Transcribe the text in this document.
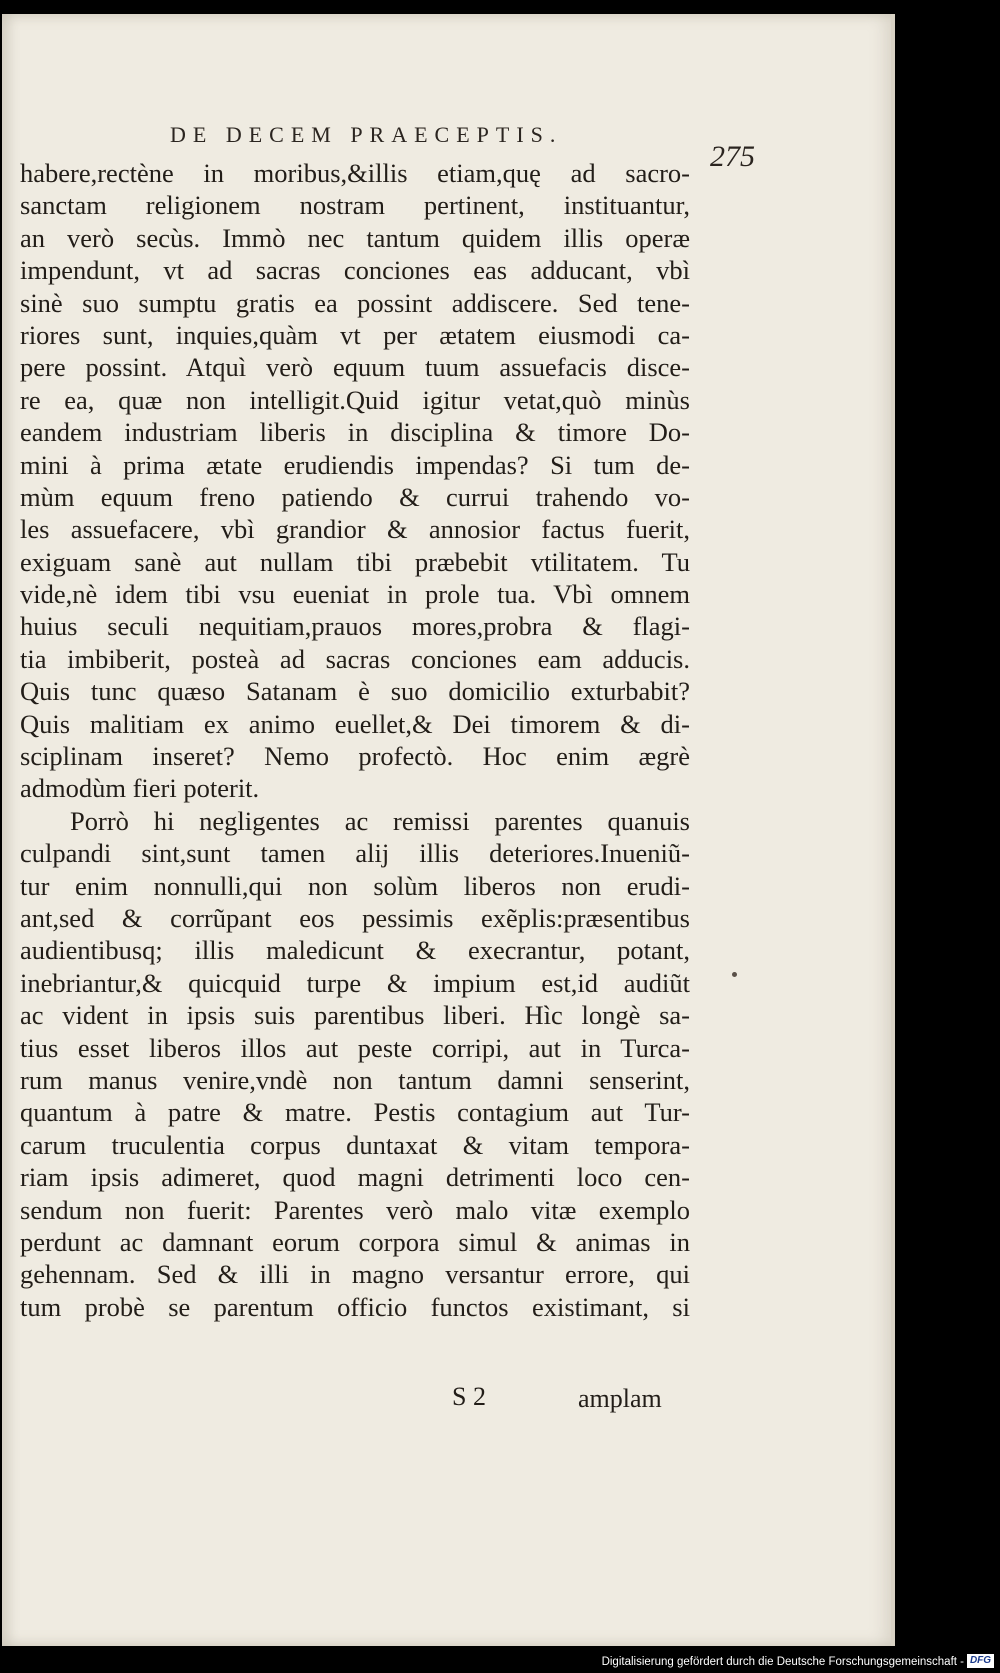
DE DECEM PRAECEPTIS.
275
habere,rectène in moribus,&illis etiam,quę ad sacro-
sanctam religionem nostram pertinent, instituantur,
an verò secùs. Immò nec tantum quidem illis operæ
impendunt, vt ad sacras conciones eas adducant, vbì
sinè suo sumptu gratis ea possint addiscere. Sed tene-
riores sunt, inquies,quàm vt per ætatem eiusmodi ca-
pere possint. Atquì verò equum tuum assuefacis disce-
re ea, quæ non intelligit.Quid igitur vetat,quò minùs
eandem industriam liberis in disciplina & timore Do-
mini à prima ætate erudiendis impendas? Si tum de-
mùm equum freno patiendo & currui trahendo vo-
les assuefacere, vbì grandior & annosior factus fuerit,
exiguam sanè aut nullam tibi præbebit vtilitatem. Tu
vide,nè idem tibi vsu eueniat in prole tua. Vbì omnem
huius seculi nequitiam,prauos mores,probra & flagi-
tia imbiberit, posteà ad sacras conciones eam adducis.
Quis tunc quæso Satanam è suo domicilio exturbabit?
Quis malitiam ex animo euellet,& Dei timorem & di-
sciplinam inseret? Nemo profectò. Hoc enim ægrè
admodùm fieri poterit.
Porrò hi negligentes ac remissi parentes quanuis
culpandi sint,sunt tamen alij illis deteriores.Inueniũ-
tur enim nonnulli,qui non solùm liberos non erudi-
ant,sed & corrũpant eos pessimis exẽplis:præsentibus
audientibusq; illis maledicunt & execrantur, potant,
inebriantur,& quicquid turpe & impium est,id audiũt
ac vident in ipsis suis parentibus liberi. Hìc longè sa-
tius esset liberos illos aut peste corripi, aut in Turca-
rum manus venire,vndè non tantum damni senserint,
quantum à patre & matre. Pestis contagium aut Tur-
carum truculentia corpus duntaxat & vitam tempora-
riam ipsis adimeret, quod magni detrimenti loco cen-
sendum non fuerit: Parentes verò malo vitæ exemplo
perdunt ac damnant eorum corpora simul & animas in
gehennam. Sed & illi in magno versantur errore, qui
tum probè se parentum officio functos existimant, si
S 2	amplam
Digitalisierung gefördert durch die Deutsche Forschungsgemeinschaft - DFG
